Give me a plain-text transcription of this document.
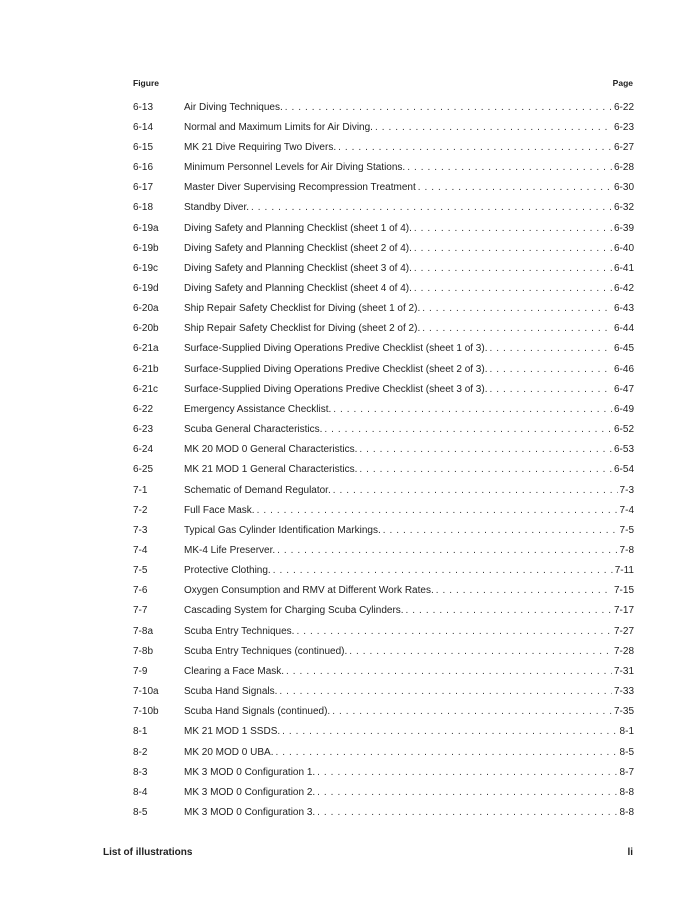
Figure	Page
6-13	Air Diving Techniques. . . .	6-22
6-14	Normal and Maximum Limits for Air Diving. . . .	6-23
6-15	MK 21 Dive Requiring Two Divers. . . .	6-27
6-16	Minimum Personnel Levels for Air Diving Stations. . . .	6-28
6-17	Master Diver Supervising Recompression Treatment . . .	6-30
6-18	Standby Diver. . . .	6-32
6-19a	Diving Safety and Planning Checklist (sheet 1 of 4). . . .	6-39
6-19b	Diving Safety and Planning Checklist (sheet 2 of 4). . . .	6-40
6-19c	Diving Safety and Planning Checklist (sheet 3 of 4). . . .	6-41
6-19d	Diving Safety and Planning Checklist (sheet 4 of 4). . . .	6-42
6-20a	Ship Repair Safety Checklist for Diving (sheet 1 of 2). . . .	6-43
6-20b	Ship Repair Safety Checklist for Diving (sheet 2 of 2). . . .	6-44
6-21a	Surface-Supplied Diving Operations Predive Checklist (sheet 1 of 3). . . .	6-45
6-21b	Surface-Supplied Diving Operations Predive Checklist (sheet 2 of 3). . . .	6-46
6-21c	Surface-Supplied Diving Operations Predive Checklist (sheet 3 of 3). . . .	6-47
6-22	Emergency Assistance Checklist. . . .	6-49
6-23	Scuba General Characteristics. . . .	6-52
6-24	MK 20 MOD 0 General Characteristics. . . .	6-53
6-25	MK 21 MOD 1 General Characteristics. . . .	6-54
7-1	Schematic of Demand Regulator. . . .	7-3
7-2	Full Face Mask. . . .	7-4
7-3	Typical Gas Cylinder Identification Markings. . . .	7-5
7-4	MK-4 Life Preserver. . . .	7-8
7-5	Protective Clothing. . . .	7-11
7-6	Oxygen Consumption and RMV at Different Work Rates. . . .	7-15
7-7	Cascading System for Charging Scuba Cylinders. . . .	7-17
7-8a	Scuba Entry Techniques. . . .	7-27
7-8b	Scuba Entry Techniques (continued). . . .	7-28
7-9	Clearing a Face Mask. . . .	7-31
7-10a	Scuba Hand Signals. . . .	7-33
7-10b	Scuba Hand Signals (continued). . . .	7-35
8-1	MK 21 MOD 1 SSDS. . . .	8-1
8-2	MK 20 MOD 0 UBA. . . .	8-5
8-3	MK 3 MOD 0 Configuration 1. . . .	8-7
8-4	MK 3 MOD 0 Configuration 2. . . .	8-8
8-5	MK 3 MOD 0 Configuration 3. . . .	8-8
List of illustrations	li
